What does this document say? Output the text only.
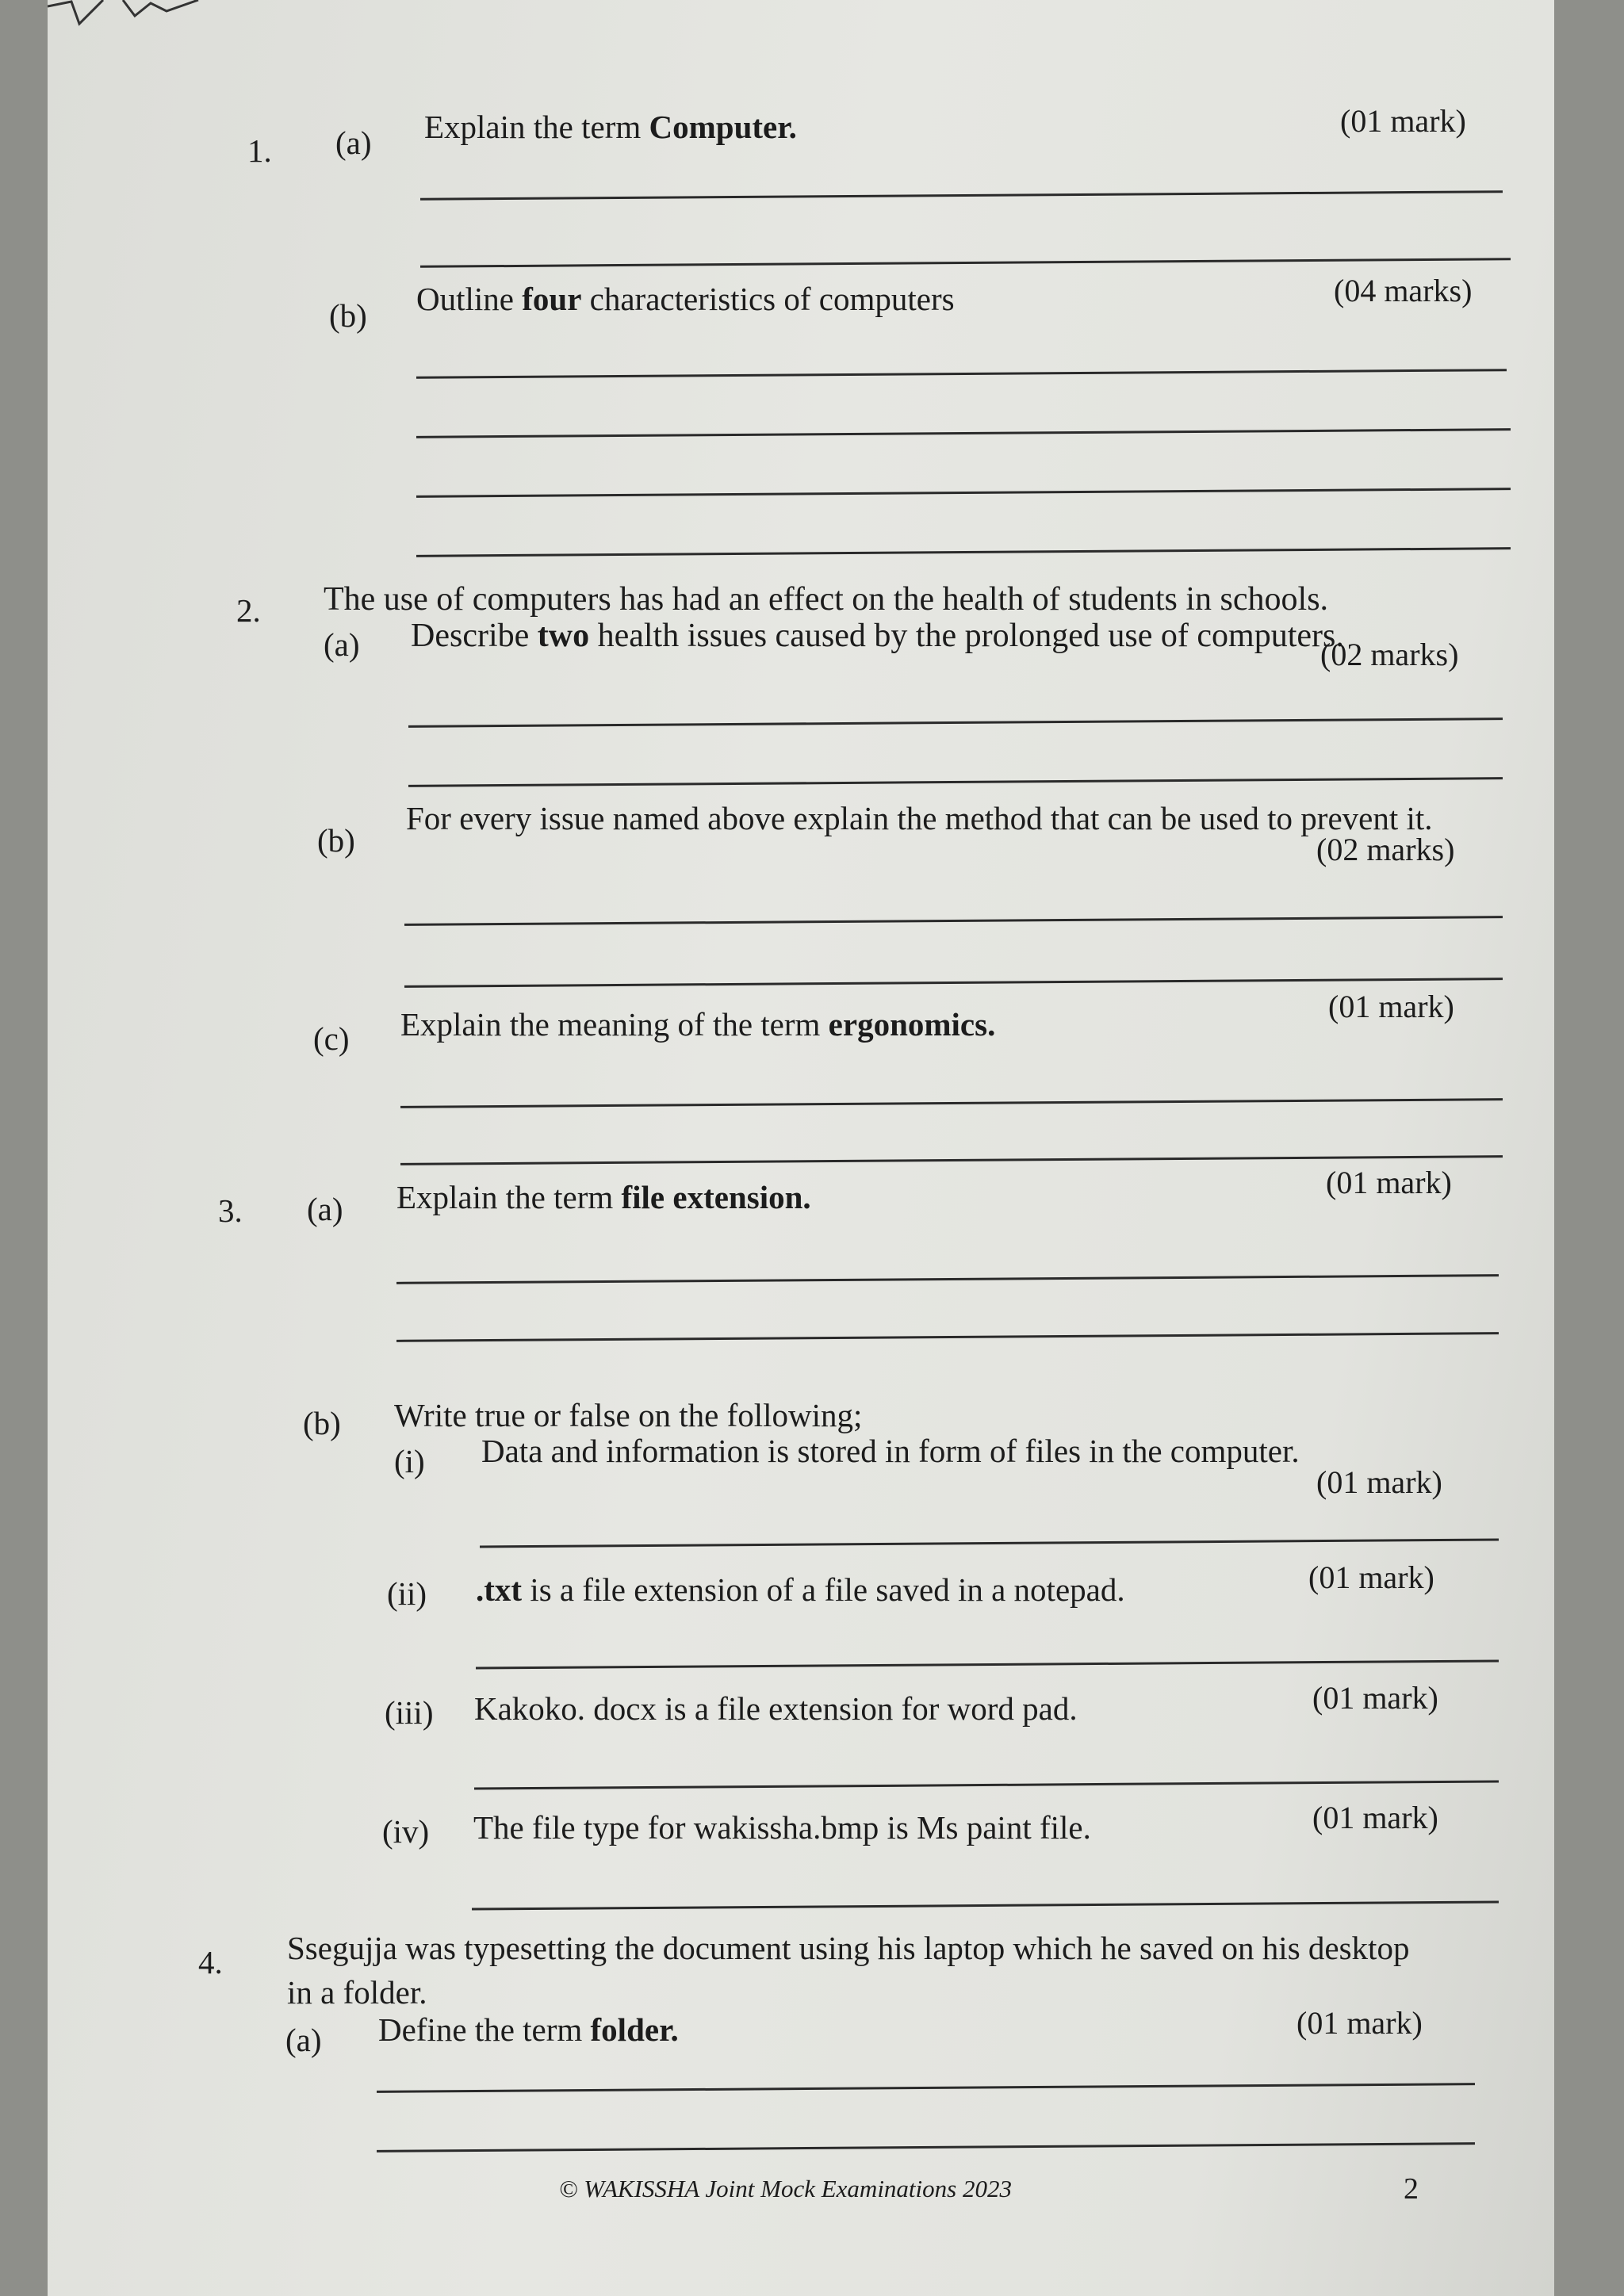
1. (a) Explain the term Computer.	(01 mark)
(b) Outline four characteristics of computers	(04 marks)
2. The use of computers has had an effect on the health of students in schools.
(a) Describe two health issues caused by the prolonged use of computers.
(02 marks)
(b)
For every issue named above explain the method that can be used to prevent it.
(02 marks)
(c) Explain the meaning of the term ergonomics.	(01 mark)
3. (a) Explain the term file extension.	(01 mark)
(b) Write true or false on the following;
(i) Data and information is stored in form of files in the computer.
(01 mark)
(ii) .txt is a file extension of a file saved in a notepad.	(01 mark)
(iii) Kakoko. docx is a file extension for word pad.	(01 mark)
(iv) The file type for wakissha.bmp is Ms paint file.	(01 mark)
4. Ssegujja was typesetting the document using his laptop which he saved on his desktop
in a folder.
(a) Define the term folder.	(01 mark)
© WAKISSHA Joint Mock Examinations 2023	2
